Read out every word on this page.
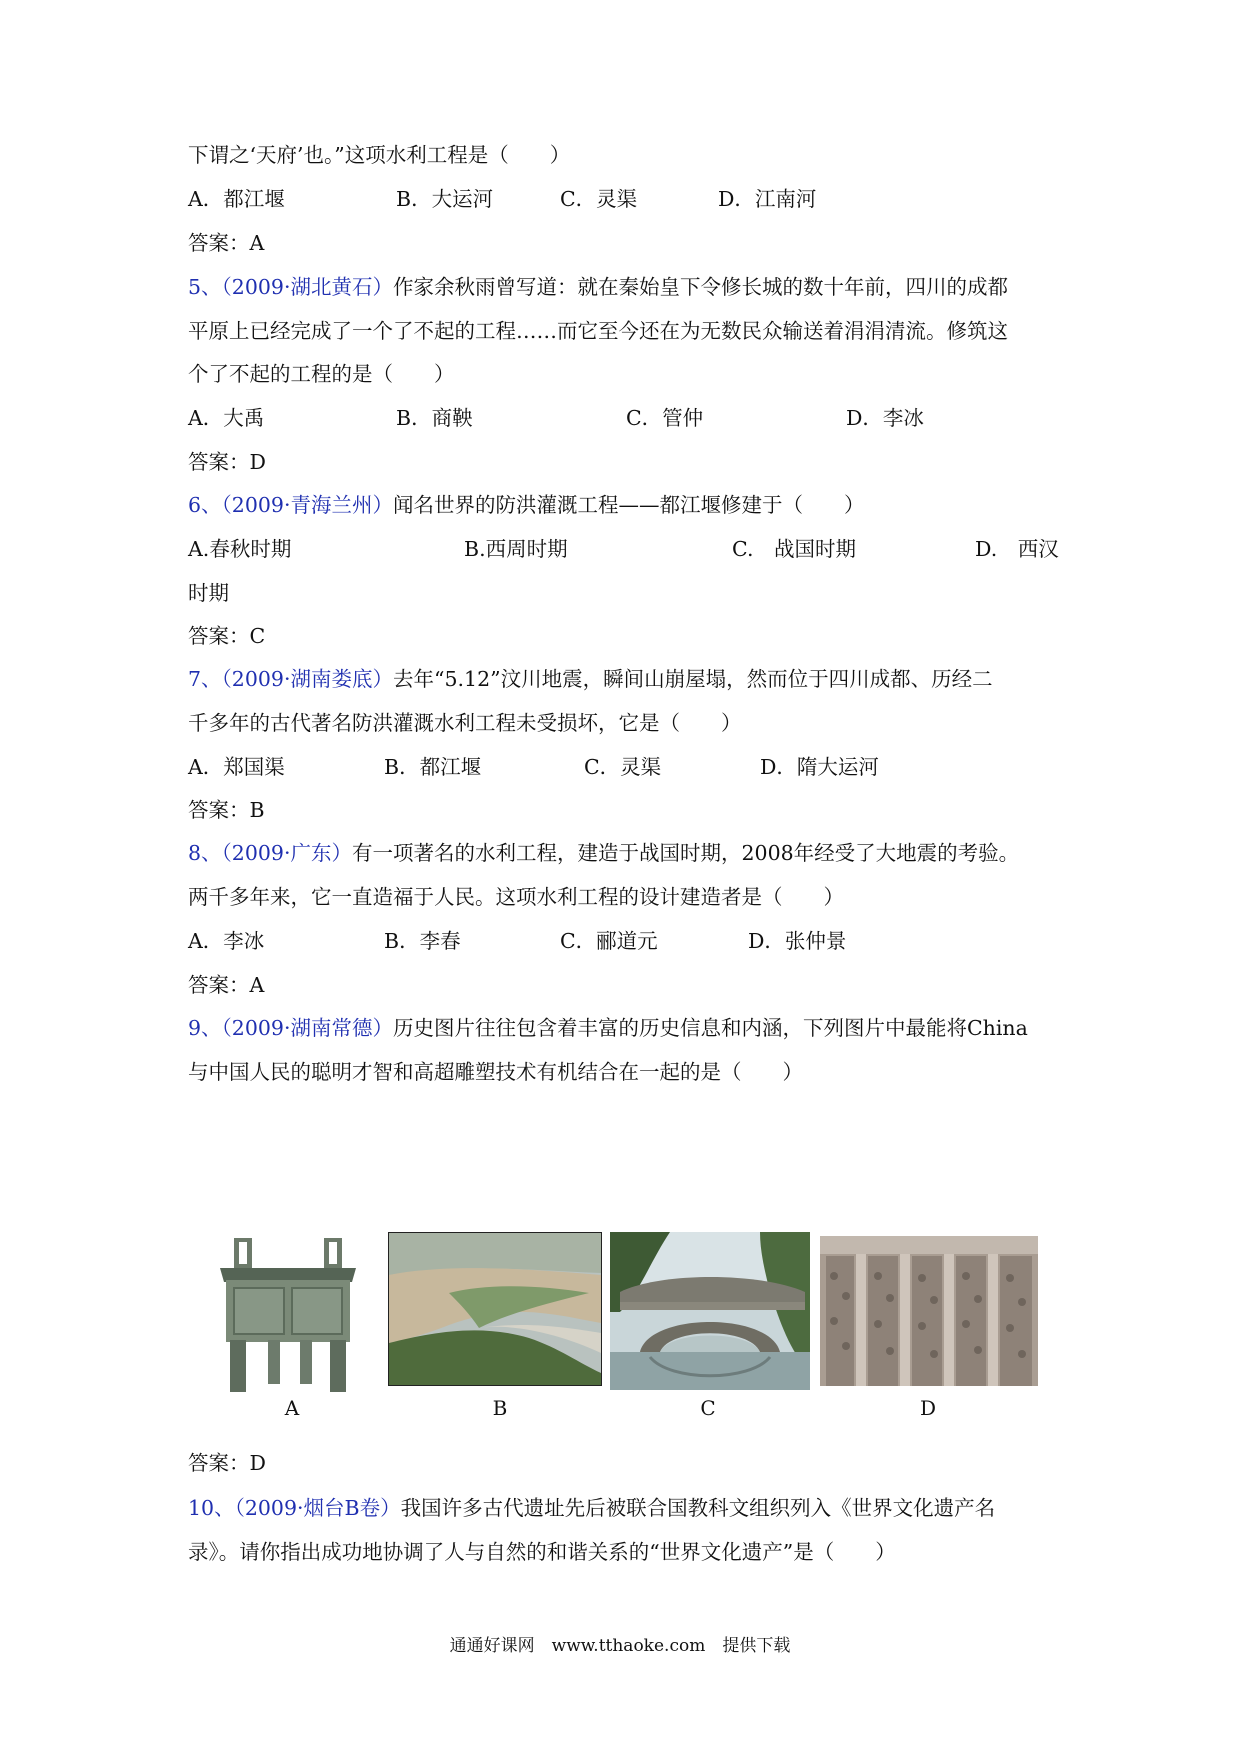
下谓之‘天府’也。”这项水利工程是（　　）
A．都江堰	B．大运河	C．灵渠	D．江南河
答案：A
5、（2009·湖北黄石）作家余秋雨曾写道：就在秦始皇下令修长城的数十年前，四川的成都
平原上已经完成了一个了不起的工程……而它至今还在为无数民众输送着涓涓清流。修筑这
个了不起的工程的是（　　）
A．大禹	B．商鞅	C．管仲	D．李冰
答案：D
6、（2009·青海兰州）闻名世界的防洪灌溉工程——都江堰修建于（　　）
A.春秋时期	B.西周时期	C.　战国时期	D.　西汉
时期
答案：C
7、（2009·湖南娄底）去年“5.12”汶川地震，瞬间山崩屋塌，然而位于四川成都、历经二
千多年的古代著名防洪灌溉水利工程未受损坏，它是（　　）
A．郑国渠	B．都江堰	C．灵渠	D．隋大运河
答案：B
8、（2009·广东）有一项著名的水利工程，建造于战国时期，2008年经受了大地震的考验。
两千多年来，它一直造福于人民。这项水利工程的设计建造者是（　　）
A．李冰	B．李春	C．郦道元	D．张仲景
答案：A
9、（2009·湖南常德）历史图片往往包含着丰富的历史信息和内涵，下列图片中最能将China
与中国人民的聪明才智和高超雕塑技术有机结合在一起的是（　　）
A	B	C	D
答案：D
10、（2009·烟台B卷）我国许多古代遗址先后被联合国教科文组织列入《世界文化遗产名
录》。请你指出成功地协调了人与自然的和谐关系的“世界文化遗产”是（　　）
通通好课网　www.tthaoke.com　提供下载
